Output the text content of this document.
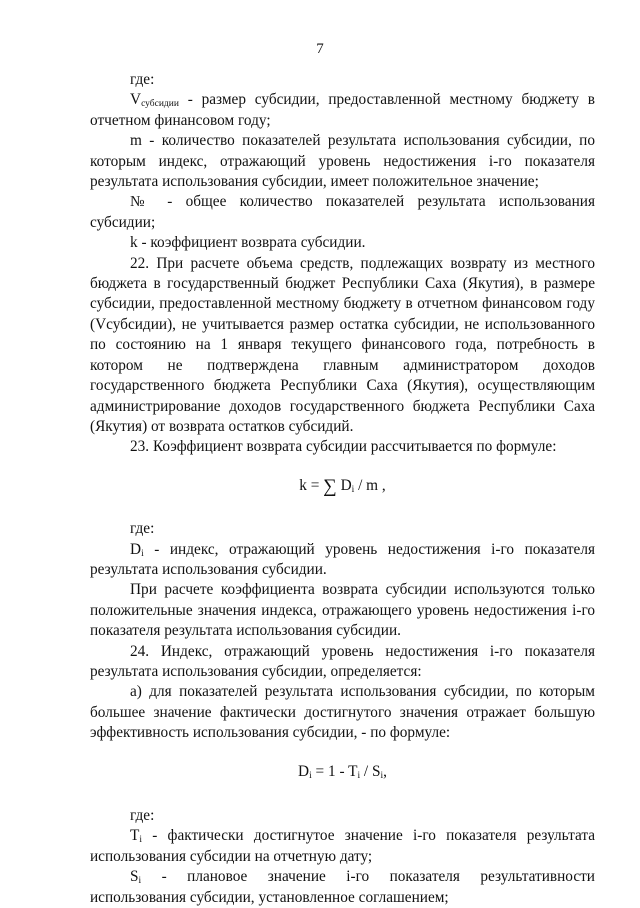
7

где:

$V_{субсидии}$ - размер субсидии, предоставленной местному бюджету в отчетном финансовом году;

m - количество показателей результата использования субсидии, по которым индекс, отражающий уровень недостижения i-го показателя результата использования субсидии, имеет положительное значение;

№ - общее количество показателей результата использования субсидии;

k - коэффициент возврата субсидии.

22. При расчете объема средств, подлежащих возврату из местного бюджета в государственный бюджет Республики Саха (Якутия), в размере субсидии, предоставленной местному бюджету в отчетном финансовом году (Vсубсидии), не учитывается размер остатка субсидии, не использованного по состоянию на 1 января текущего финансового года, потребность в котором не подтверждена главным администратором доходов государственного бюджета Республики Саха (Якутия), осуществляющим администрирование доходов государственного бюджета Республики Саха (Якутия) от возврата остатков субсидий.

23. Коэффициент возврата субсидии рассчитывается по формуле:

k = ∑ $D_i$ / m ,

где:

$D_i$ - индекс, отражающий уровень недостижения i-го показателя результата использования субсидии.

При расчете коэффициента возврата субсидии используются только положительные значения индекса, отражающего уровень недостижения i-го показателя результата использования субсидии.

24. Индекс, отражающий уровень недостижения i-го показателя результата использования субсидии, определяется:

а) для показателей результата использования субсидии, по которым большее значение фактически достигнутого значения отражает большую эффективность использования субсидии, - по формуле:

$D_i = 1 - T_i / S_i$,

где:

$T_i$ - фактически достигнутое значение i-го показателя результата использования субсидии на отчетную дату;

$S_i$ - плановое значение i-го показателя результативности использования субсидии, установленное соглашением;
